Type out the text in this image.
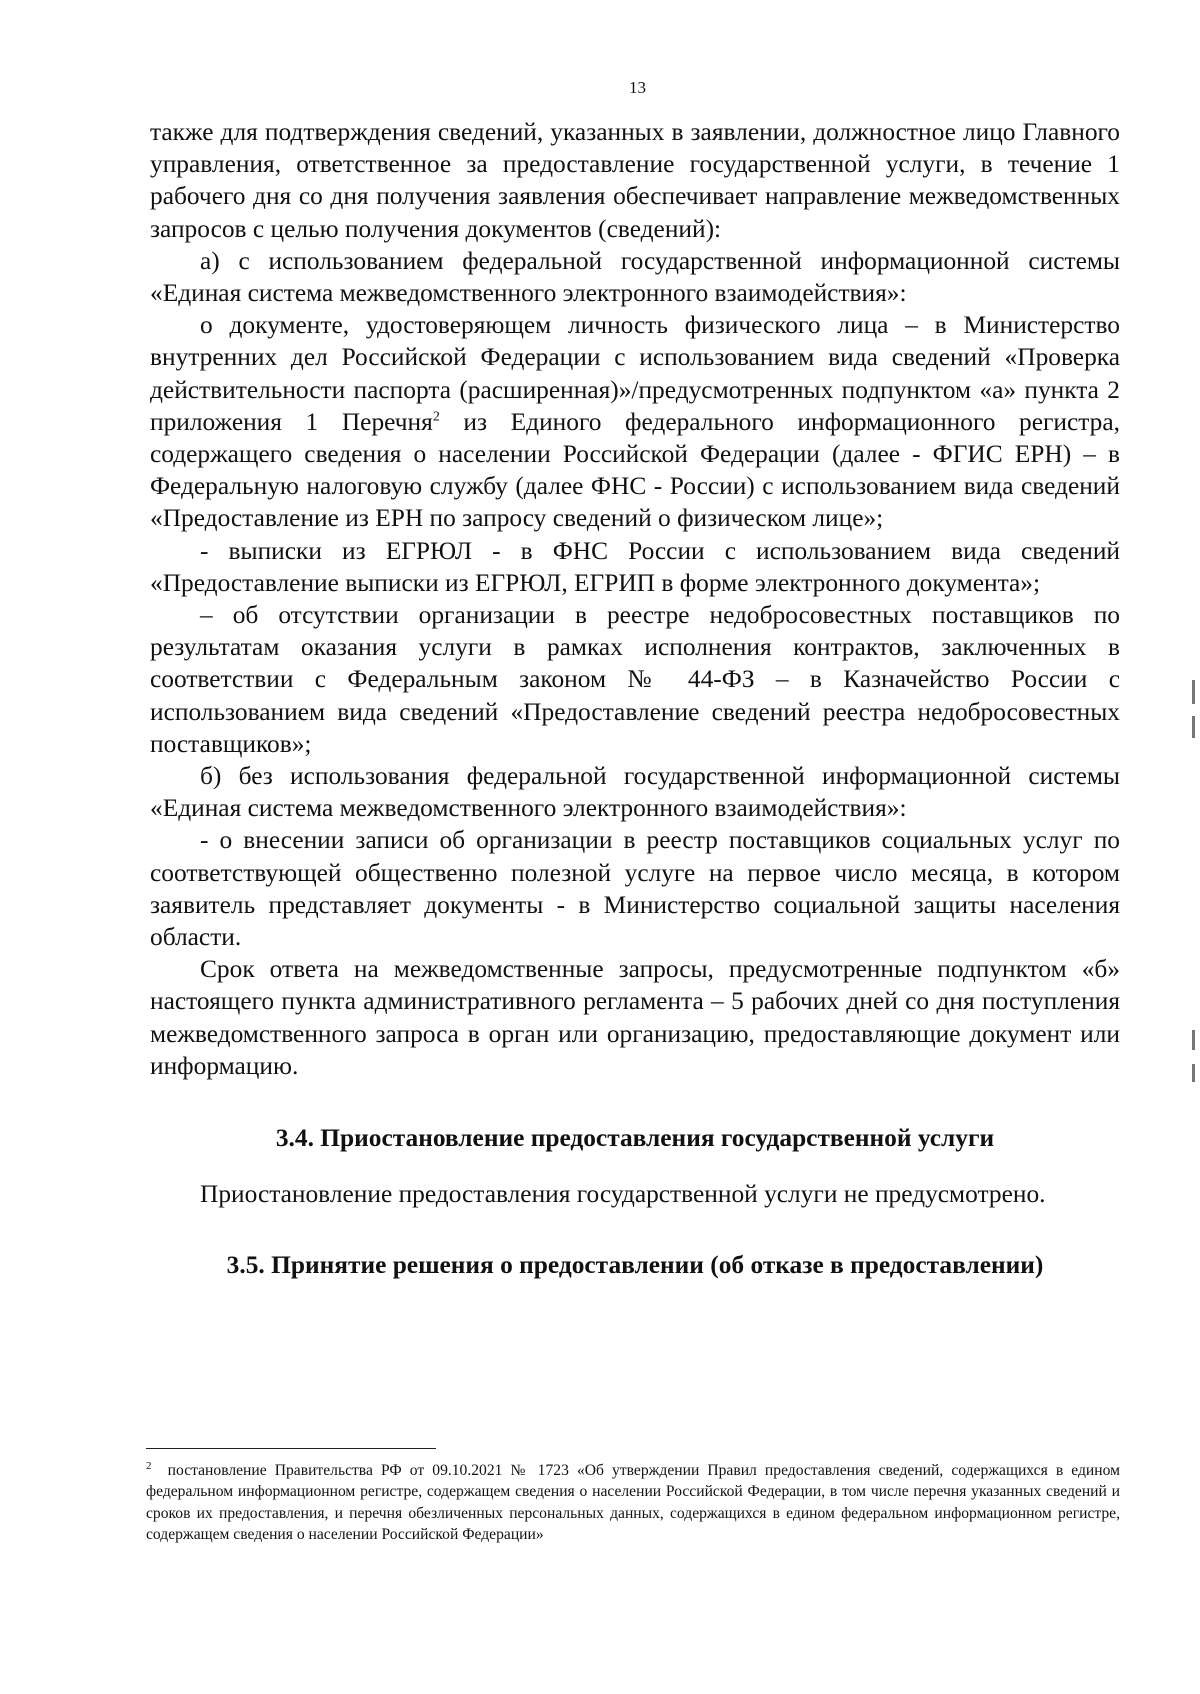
13

также для подтверждения сведений, указанных в заявлении, должностное лицо Главного управления, ответственное за предоставление государственной услуги, в течение 1 рабочего дня со дня получения заявления обеспечивает направление межведомственных запросов с целью получения документов (сведений):

а) с использованием федеральной государственной информационной системы «Единая система межведомственного электронного взаимодействия»:

о документе, удостоверяющем личность физического лица – в Министерство внутренних дел Российской Федерации с использованием вида сведений «Проверка действительности паспорта (расширенная)»/предусмотренных подпунктом «а» пункта 2 приложения 1 Перечня$^2$ из Единого федерального информационного регистра, содержащего сведения о населении Российской Федерации (далее - ФГИС ЕРН) – в Федеральную налоговую службу (далее ФНС - России) с использованием вида сведений «Предоставление из ЕРН по запросу сведений о физическом лице»;

- выписки из ЕГРЮЛ - в ФНС России с использованием вида сведений «Предоставление выписки из ЕГРЮЛ, ЕГРИП в форме электронного документа»;

– об отсутствии организации в реестре недобросовестных поставщиков по результатам оказания услуги в рамках исполнения контрактов, заключенных в соответствии с Федеральным законом № 44-ФЗ – в Казначейство России с использованием вида сведений «Предоставление сведений реестра недобросовестных поставщиков»;

б) без использования федеральной государственной информационной системы «Единая система межведомственного электронного взаимодействия»:

- о внесении записи об организации в реестр поставщиков социальных услуг по соответствующей общественно полезной услуге на первое число месяца, в котором заявитель представляет документы - в Министерство социальной защиты населения области.

Срок ответа на межведомственные запросы, предусмотренные подпунктом «б» настоящего пункта административного регламента – 5 рабочих дней со дня поступления межведомственного запроса в орган или организацию, предоставляющие документ или информацию.

3.4. Приостановление предоставления государственной услуги

Приостановление предоставления государственной услуги не предусмотрено.

3.5. Принятие решения о предоставлении (об отказе в предоставлении)

$^2$ постановление Правительства РФ от 09.10.2021 № 1723 «Об утверждении Правил предоставления сведений, содержащихся в едином федеральном информационном регистре, содержащем сведения о населении Российской Федерации, в том числе перечня указанных сведений и сроков их предоставления, и перечня обезличенных персональных данных, содержащихся в едином федеральном информационном регистре, содержащем сведения о населении Российской Федерации»
